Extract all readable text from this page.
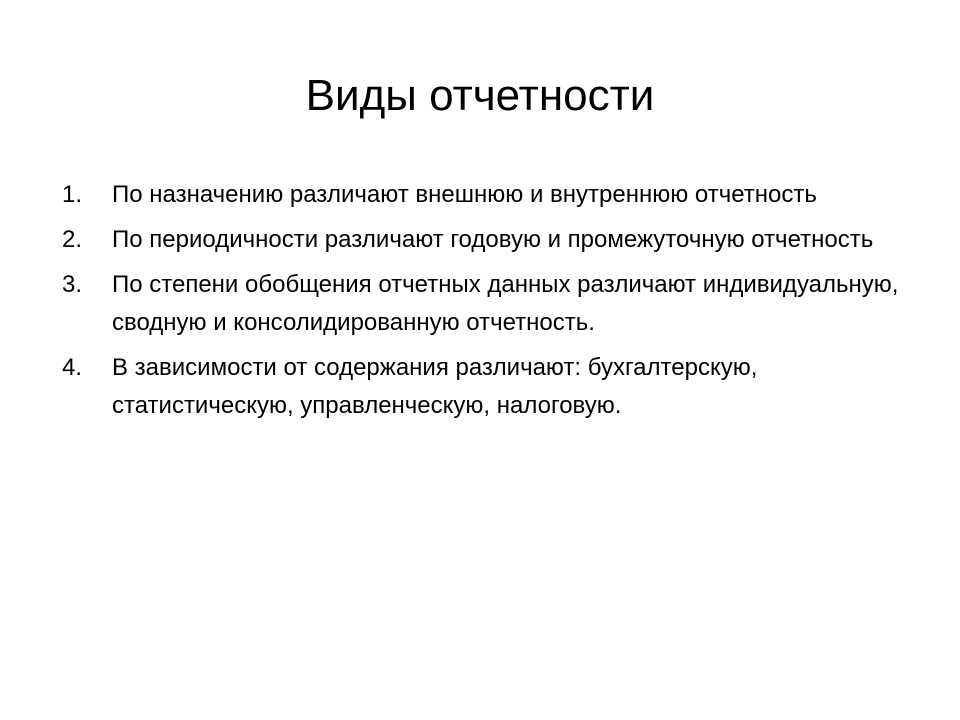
Виды отчетности
1.	По назначению различают внешнюю и внутреннюю отчетность
2.	По периодичности различают годовую и промежуточную отчетность
3.	По степени обобщения отчетных данных различают индивидуальную, сводную и консолидированную отчетность.
4.	В зависимости от содержания различают: бухгалтерскую, статистическую, управленческую, налоговую.
